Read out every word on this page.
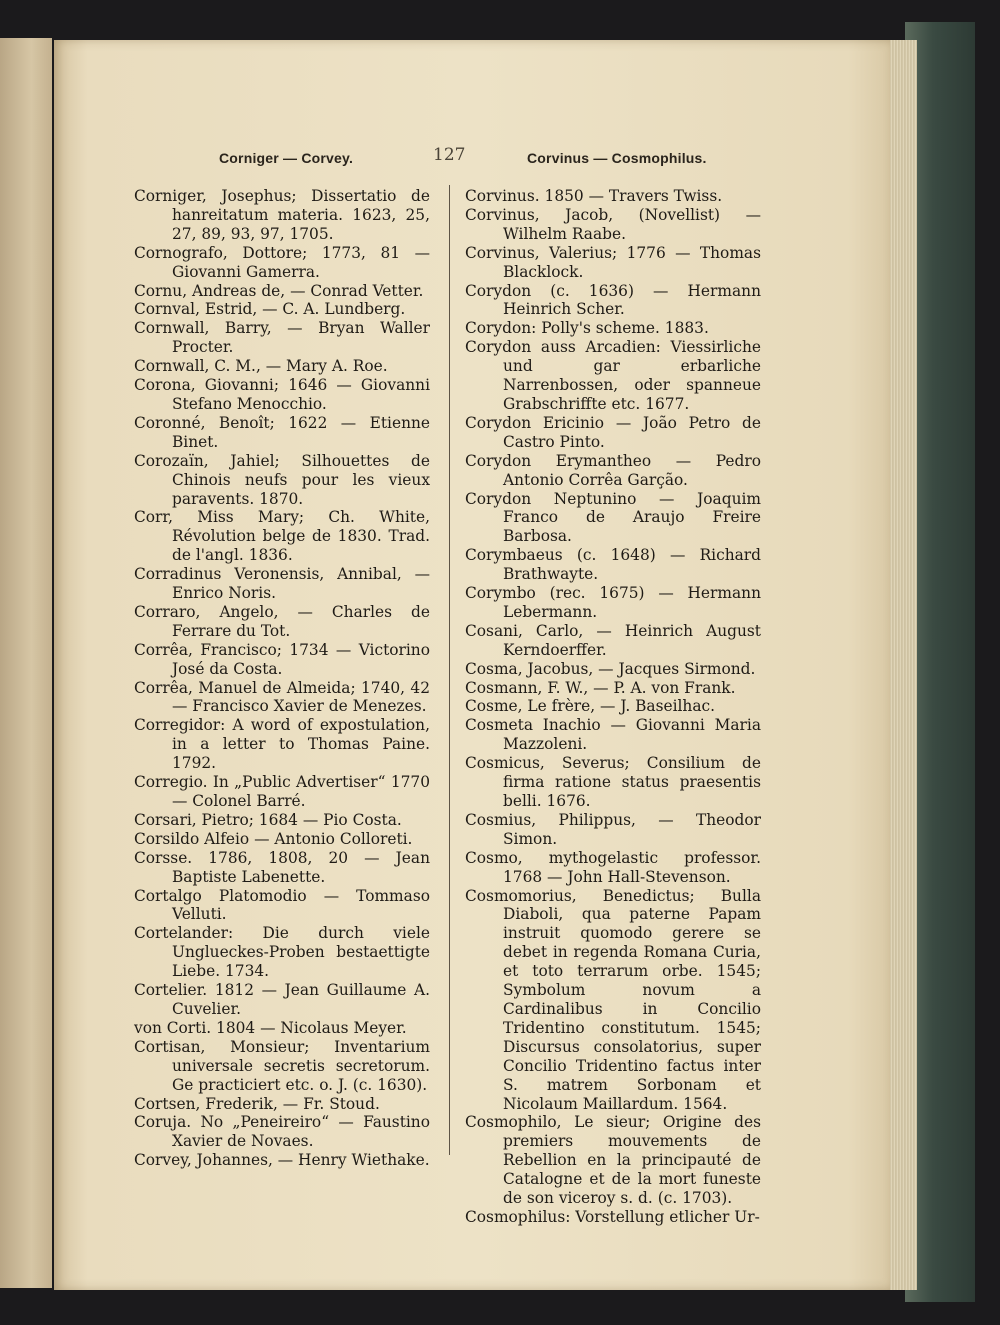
Corniger — Corvey.	127	Corvinus — Cosmophilus.

Corniger, Josephus; Dissertatio de hanreitatum materia. 1623, 25, 27, 89, 93, 97, 1705.

Cornografo, Dottore; 1773, 81 — Giovanni Gamerra.

Cornu, Andreas de, — Conrad Vetter.

Cornval, Estrid, — C. A. Lundberg.

Cornwall, Barry, — Bryan Waller Procter.

Cornwall, C. M., — Mary A. Roe.

Corona, Giovanni; 1646 — Giovanni Stefano Menocchio.

Coronné, Benoît; 1622 — Etienne Binet.

Corozaïn, Jahiel; Silhouettes de Chinois neufs pour les vieux paravents. 1870.

Corr, Miss Mary; Ch. White, Révolution belge de 1830. Trad. de l'angl. 1836.

Corradinus Veronensis, Annibal, — Enrico Noris.

Corraro, Angelo, — Charles de Ferrare du Tot.

Corrêa, Francisco; 1734 — Victorino José da Costa.

Corrêa, Manuel de Almeida; 1740, 42 — Francisco Xavier de Menezes.

Corregidor: A word of expostulation, in a letter to Thomas Paine. 1792.

Corregio. In „Public Advertiser“ 1770 — Colonel Barré.

Corsari, Pietro; 1684 — Pio Costa.

Corsildo Alfeio — Antonio Colloreti.

Corsse. 1786, 1808, 20 — Jean Baptiste Labenette.

Cortalgo Platomodio — Tommaso Velluti.

Cortelander: Die durch viele Unglueckes-Proben bestaettigte Liebe. 1734.

Cortelier. 1812 — Jean Guillaume A. Cuvelier.

von Corti. 1804 — Nicolaus Meyer.

Cortisan, Monsieur; Inventarium universale secretis secretorum. Ge practiciert etc. o. J. (c. 1630).

Cortsen, Frederik, — Fr. Stoud.

Coruja. No „Peneireiro“ — Faustino Xavier de Novaes.

Corvey, Johannes, — Henry Wiethake.

Corvinus. 1850 — Travers Twiss.

Corvinus, Jacob, (Novellist) — Wilhelm Raabe.

Corvinus, Valerius; 1776 — Thomas Blacklock.

Corydon (c. 1636) — Hermann Heinrich Scher.

Corydon: Polly's scheme. 1883.

Corydon auss Arcadien: Viessirliche und gar erbarliche Narrenbossen, oder spanneue Grabschriffte etc. 1677.

Corydon Ericinio — João Petro de Castro Pinto.

Corydon Erymantheo — Pedro Antonio Corrêa Garção.

Corydon Neptunino — Joaquim Franco de Araujo Freire Barbosa.

Corymbaeus (c. 1648) — Richard Brathwayte.

Corymbo (rec. 1675) — Hermann Lebermann.

Cosani, Carlo, — Heinrich August Kerndoerffer.

Cosma, Jacobus, — Jacques Sirmond.

Cosmann, F. W., — P. A. von Frank.

Cosme, Le frère, — J. Baseilhac.

Cosmeta Inachio — Giovanni Maria Mazzoleni.

Cosmicus, Severus; Consilium de firma ratione status praesentis belli. 1676.

Cosmius, Philippus, — Theodor Simon.

Cosmo, mythogelastic professor. 1768 — John Hall-Stevenson.

Cosmomorius, Benedictus; Bulla Diaboli, qua paterne Papam instruit quomodo gerere se debet in regenda Romana Curia, et toto terrarum orbe. 1545; Symbolum novum a Cardinalibus in Concilio Tridentino constitutum. 1545; Discursus consolatorius, super Concilio Tridentino factus inter S. matrem Sorbonam et Nicolaum Maillardum. 1564.

Cosmophilo, Le sieur; Origine des premiers mouvements de Rebellion en la principauté de Catalogne et de la mort funeste de son viceroy s. d. (c. 1703).

Cosmophilus: Vorstellung etlicher Ur-
